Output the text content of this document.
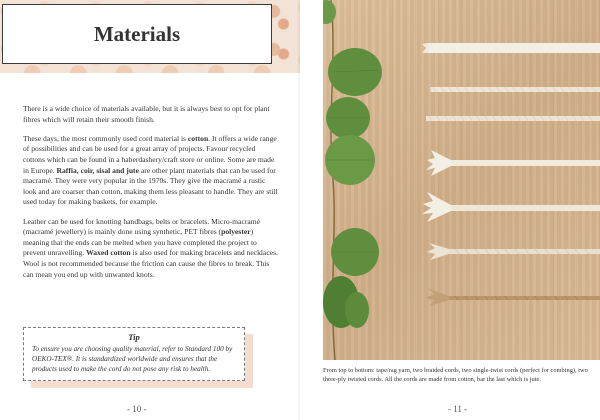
Materials

There is a wide choice of materials available, but it is always best to opt for plant fibres which will retain their smooth finish.

These days, the most commonly used cord material is cotton. It offers a wide range of possibilities and can be used for a great array of projects. Favour recycled cottons which can be found in a haberdashery/craft store or online. Some are made in Europe. Raffia, coir, sisal and jute are other plant materials that can be used for macramé. They were very popular in the 1970s. They give the macramé a rustic look and are coarser than cotton, making them less pleasant to handle. They are still used today for making baskets, for example.

Leather can be used for knotting handbags, belts or bracelets. Micro-macramé (macramé jewellery) is mainly done using synthetic, PET fibres (polyester) meaning that the ends can be melted when you have completed the project to prevent unravelling. Waxed cotton is also used for making bracelets and necklaces. Wool is not recommended because the friction can cause the fibres to break. This can mean you end up with unwanted knots.

Tip
To ensure you are choosing quality material, refer to Standard 100 by OEKO-TEX®. It is standardized worldwide and ensures that the products used to make the cord do not pose any risk to health.
- 10 -
From top to bottom: tape/rag yarn, two braided cords, two single-twist cords (perfect for combing), two three-ply twisted cords. All the cords are made from cotton, bar the last which is jute.
- 11 -
